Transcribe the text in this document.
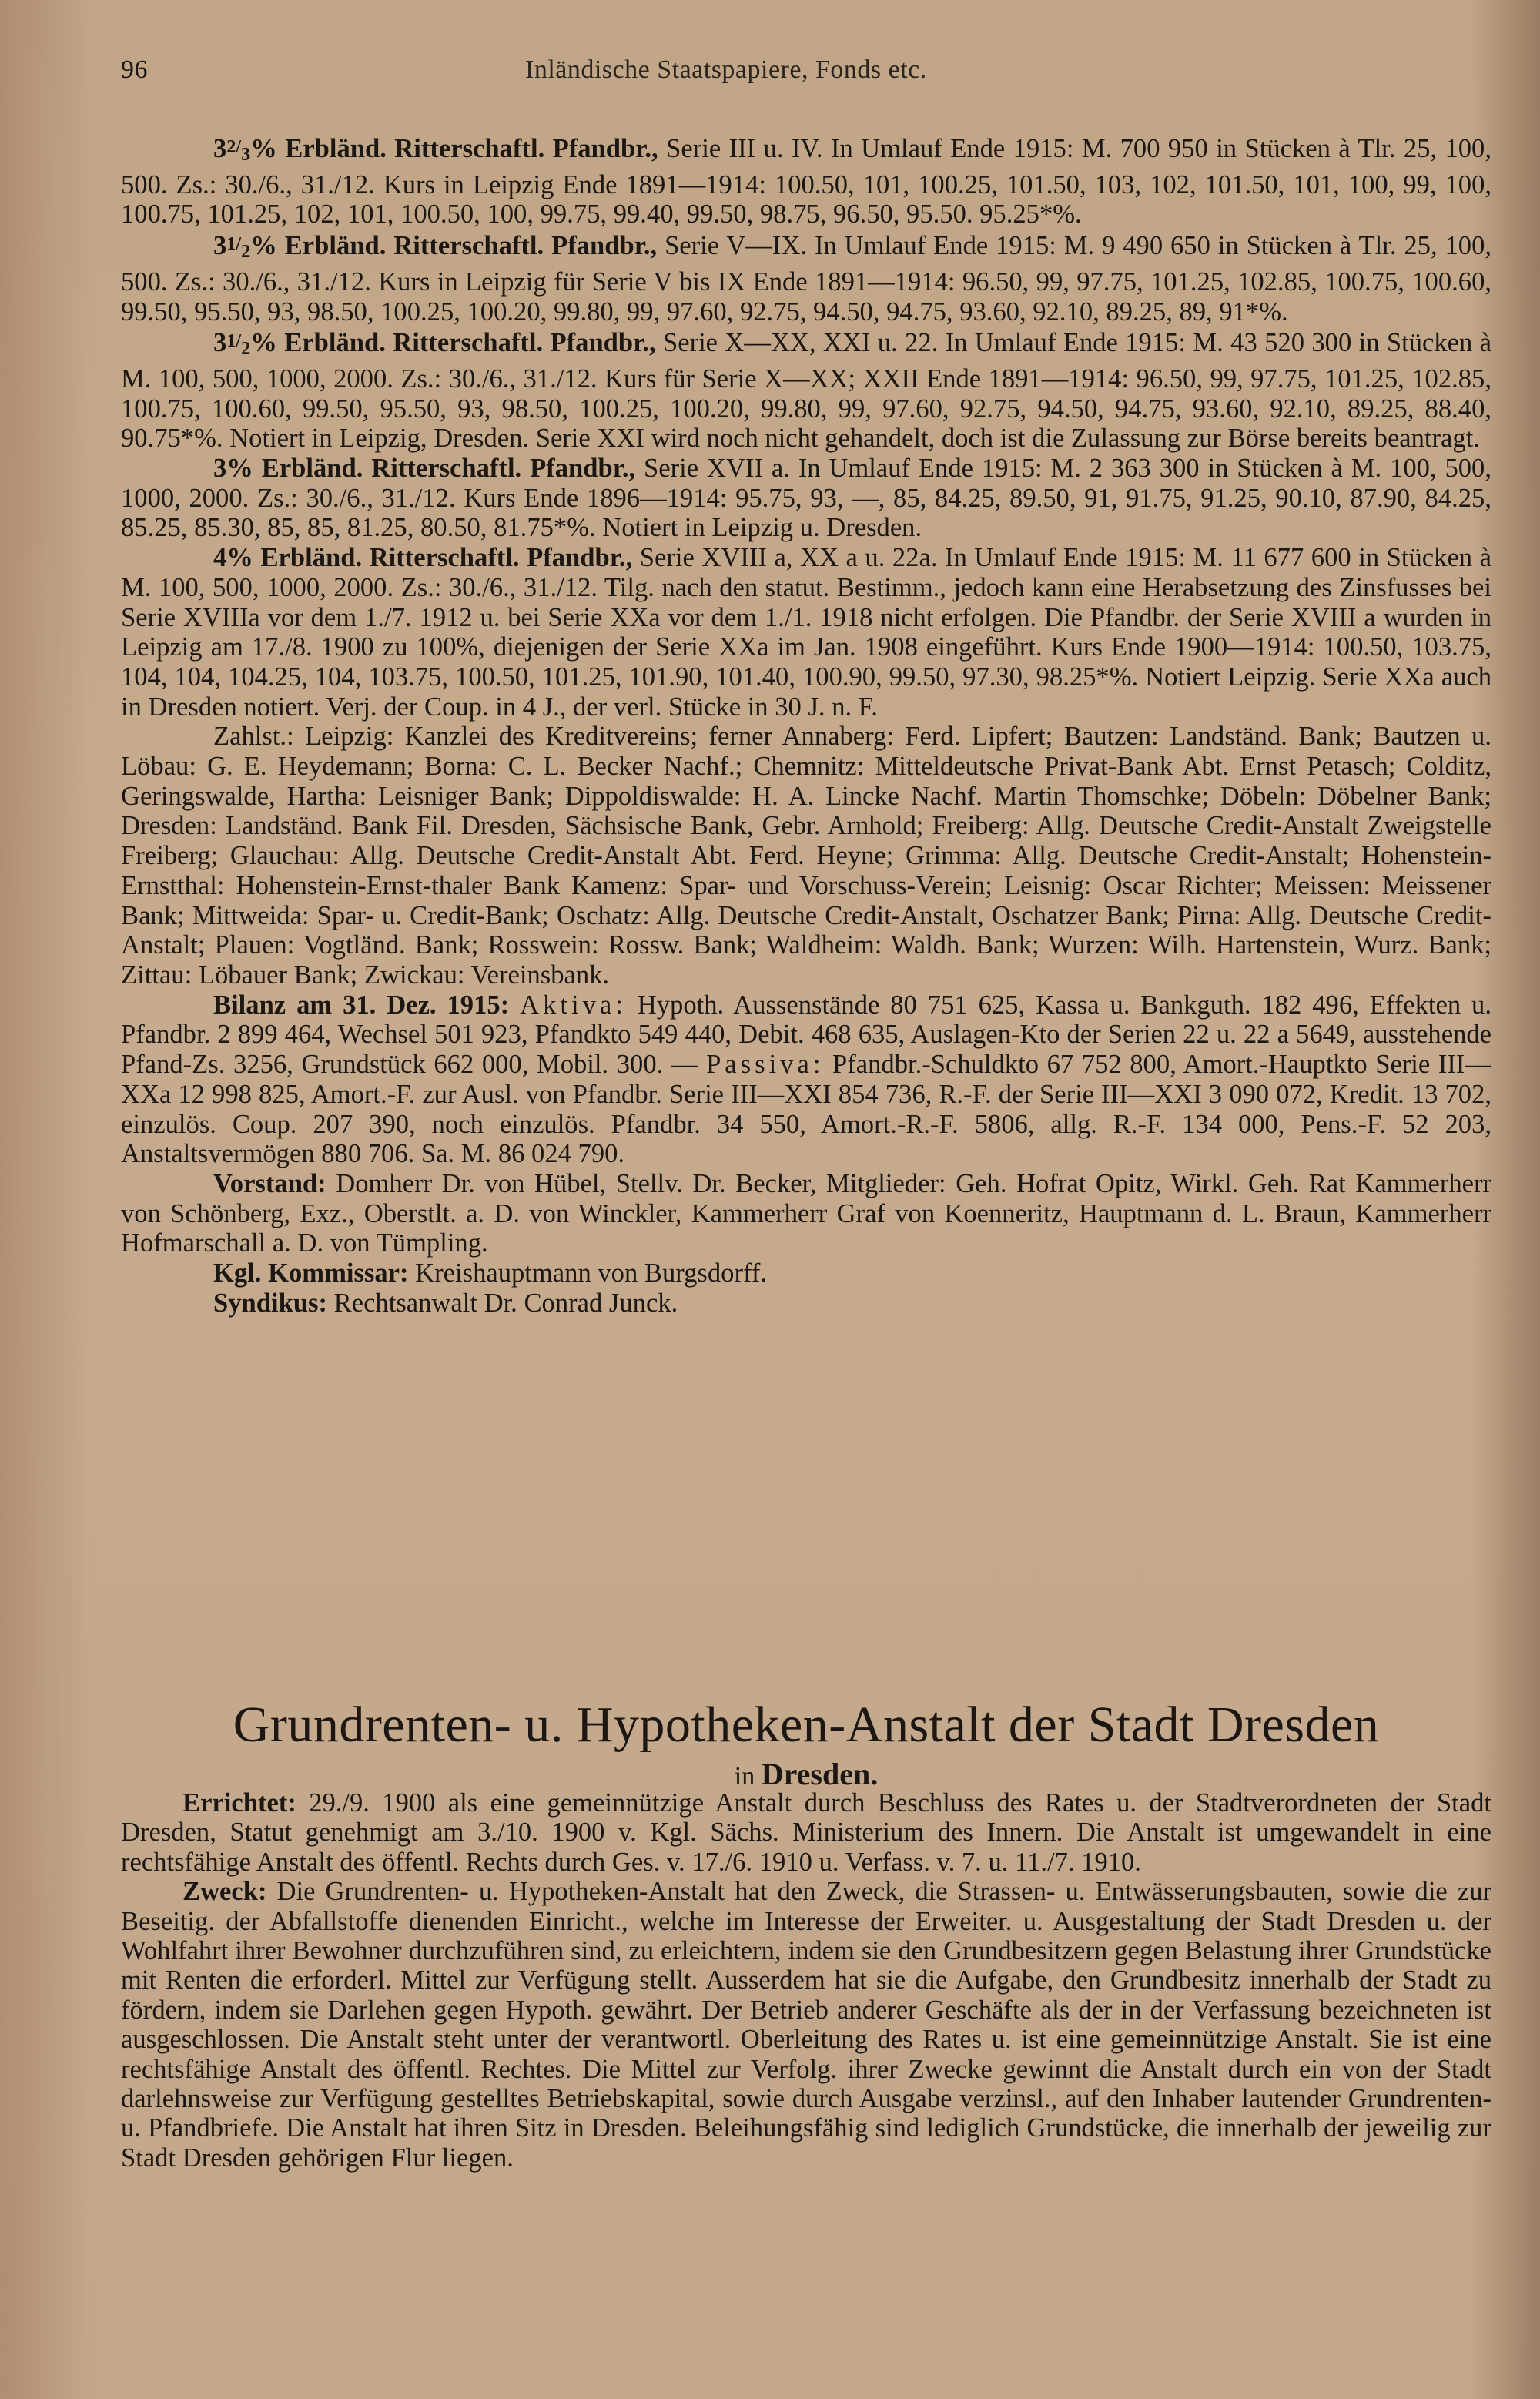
96	Inländische Staatspapiere, Fonds etc.

$32/_3\%$ Erbländ. Ritterschaftl. Pfandbr., Serie III u. IV. In Umlauf Ende 1915: M. 700 950 in Stücken à Tlr. 25, 100, 500. Zs.: 30./6., 31./12. Kurs in Leipzig Ende 1891—1914: 100.50, 101, 100.25, 101.50, 103, 102, 101.50, 101, 100, 99, 100, 100.75, 101.25, 102, 101, 100.50, 100, 99.75, 99.40, 99.50, 98.75, 96.50, 95.50. 95.25*%.

$31/_2\%$ Erbländ. Ritterschaftl. Pfandbr., Serie V—IX. In Umlauf Ende 1915: M. 9 490 650 in Stücken à Tlr. 25, 100, 500. Zs.: 30./6., 31./12. Kurs in Leipzig für Serie V bis IX Ende 1891—1914: 96.50, 99, 97.75, 101.25, 102.85, 100.75, 100.60, 99.50, 95.50, 93, 98.50, 100.25, 100.20, 99.80, 99, 97.60, 92.75, 94.50, 94.75, 93.60, 92.10, 89.25, 89, 91*%.

$31/_2\%$ Erbländ. Ritterschaftl. Pfandbr., Serie X—XX, XXI u. 22. In Umlauf Ende 1915: M. 43 520 300 in Stücken à M. 100, 500, 1000, 2000. Zs.: 30./6., 31./12. Kurs für Serie X—XX; XXII Ende 1891—1914: 96.50, 99, 97.75, 101.25, 102.85, 100.75, 100.60, 99.50, 95.50, 93, 98.50, 100.25, 100.20, 99.80, 99, 97.60, 92.75, 94.50, 94.75, 93.60, 92.10, 89.25, 88.40, 90.75*%. Notiert in Leipzig, Dresden. Serie XXI wird noch nicht gehandelt, doch ist die Zulassung zur Börse bereits beantragt.

3% Erbländ. Ritterschaftl. Pfandbr., Serie XVII a. In Umlauf Ende 1915: M. 2 363 300 in Stücken à M. 100, 500, 1000, 2000. Zs.: 30./6., 31./12. Kurs Ende 1896—1914: 95.75, 93, —, 85, 84.25, 89.50, 91, 91.75, 91.25, 90.10, 87.90, 84.25, 85.25, 85.30, 85, 85, 81.25, 80.50, 81.75*%. Notiert in Leipzig u. Dresden.

4% Erbländ. Ritterschaftl. Pfandbr., Serie XVIII a, XX a u. 22a. In Umlauf Ende 1915: M. 11 677 600 in Stücken à M. 100, 500, 1000, 2000. Zs.: 30./6., 31./12. Tilg. nach den statut. Bestimm., jedoch kann eine Herabsetzung des Zinsfusses bei Serie XVIIIa vor dem 1./7. 1912 u. bei Serie XXa vor dem 1./1. 1918 nicht erfolgen. Die Pfandbr. der Serie XVIII a wurden in Leipzig am 17./8. 1900 zu 100%, diejenigen der Serie XXa im Jan. 1908 eingeführt. Kurs Ende 1900—1914: 100.50, 103.75, 104, 104, 104.25, 104, 103.75, 100.50, 101.25, 101.90, 101.40, 100.90, 99.50, 97.30, 98.25*%. Notiert Leipzig. Serie XXa auch in Dresden notiert. Verj. der Coup. in 4 J., der verl. Stücke in 30 J. n. F.

Zahlst.: Leipzig: Kanzlei des Kreditvereins; ferner Annaberg: Ferd. Lipfert; Bautzen: Landständ. Bank; Bautzen u. Löbau: G. E. Heydemann; Borna: C. L. Becker Nachf.; Chemnitz: Mitteldeutsche Privat-Bank Abt. Ernst Petasch; Colditz, Geringswalde, Hartha: Leisniger Bank; Dippoldiswalde: H. A. Lincke Nachf. Martin Thomschke; Döbeln: Döbelner Bank; Dresden: Landständ. Bank Fil. Dresden, Sächsische Bank, Gebr. Arnhold; Freiberg: Allg. Deutsche Credit-Anstalt Zweigstelle Freiberg; Glauchau: Allg. Deutsche Credit-Anstalt Abt. Ferd. Heyne; Grimma: Allg. Deutsche Credit-Anstalt; Hohenstein-Ernstthal: Hohenstein-Ernst-thaler Bank Kamenz: Spar- und Vorschuss-Verein; Leisnig: Oscar Richter; Meissen: Meissener Bank; Mittweida: Spar- u. Credit-Bank; Oschatz: Allg. Deutsche Credit-Anstalt, Oschatzer Bank; Pirna: Allg. Deutsche Credit-Anstalt; Plauen: Vogtländ. Bank; Rosswein: Rossw. Bank; Waldheim: Waldh. Bank; Wurzen: Wilh. Hartenstein, Wurz. Bank; Zittau: Löbauer Bank; Zwickau: Vereinsbank.

Bilanz am 31. Dez. 1915: Aktiva: Hypoth. Aussenstände 80 751 625, Kassa u. Bankguth. 182 496, Effekten u. Pfandbr. 2 899 464, Wechsel 501 923, Pfandkto 549 440, Debit. 468 635, Auslagen-Kto der Serien 22 u. 22 a 5649, ausstehende Pfand-Zs. 3256, Grundstück 662 000, Mobil. 300. — Passiva: Pfandbr.-Schuldkto 67 752 800, Amort.-Hauptkto Serie III—XXa 12 998 825, Amort.-F. zur Ausl. von Pfandbr. Serie III—XXI 854 736, R.-F. der Serie III—XXI 3 090 072, Kredit. 13 702, einzulös. Coup. 207 390, noch einzulös. Pfandbr. 34 550, Amort.-R.-F. 5806, allg. R.-F. 134 000, Pens.-F. 52 203, Anstaltsvermögen 880 706. Sa. M. 86 024 790.

Vorstand: Domherr Dr. von Hübel, Stellv. Dr. Becker, Mitglieder: Geh. Hofrat Opitz, Wirkl. Geh. Rat Kammerherr von Schönberg, Exz., Oberstlt. a. D. von Winckler, Kammerherr Graf von Koenneritz, Hauptmann d. L. Braun, Kammerherr Hofmarschall a. D. von Tümpling.

Kgl. Kommissar: Kreishauptmann von Burgsdorff.

Syndikus: Rechtsanwalt Dr. Conrad Junck.

Grundrenten- u. Hypotheken-Anstalt der Stadt Dresden
in Dresden.

Errichtet: 29./9. 1900 als eine gemeinnützige Anstalt durch Beschluss des Rates u. der Stadtverordneten der Stadt Dresden, Statut genehmigt am 3./10. 1900 v. Kgl. Sächs. Ministerium des Innern. Die Anstalt ist umgewandelt in eine rechtsfähige Anstalt des öffentl. Rechts durch Ges. v. 17./6. 1910 u. Verfass. v. 7. u. 11./7. 1910.

Zweck: Die Grundrenten- u. Hypotheken-Anstalt hat den Zweck, die Strassen- u. Entwässerungsbauten, sowie die zur Beseitig. der Abfallstoffe dienenden Einricht., welche im Interesse der Erweiter. u. Ausgestaltung der Stadt Dresden u. der Wohlfahrt ihrer Bewohner durchzuführen sind, zu erleichtern, indem sie den Grundbesitzern gegen Belastung ihrer Grundstücke mit Renten die erforderl. Mittel zur Verfügung stellt. Ausserdem hat sie die Aufgabe, den Grundbesitz innerhalb der Stadt zu fördern, indem sie Darlehen gegen Hypoth. gewährt. Der Betrieb anderer Geschäfte als der in der Verfassung bezeichneten ist ausgeschlossen. Die Anstalt steht unter der verantwortl. Oberleitung des Rates u. ist eine gemeinnützige Anstalt. Sie ist eine rechtsfähige Anstalt des öffentl. Rechtes. Die Mittel zur Verfolg. ihrer Zwecke gewinnt die Anstalt durch ein von der Stadt darlehnsweise zur Verfügung gestelltes Betriebskapital, sowie durch Ausgabe verzinsl., auf den Inhaber lautender Grundrenten- u. Pfandbriefe. Die Anstalt hat ihren Sitz in Dresden. Beleihungsfähig sind lediglich Grundstücke, die innerhalb der jeweilig zur Stadt Dresden gehörigen Flur liegen.
